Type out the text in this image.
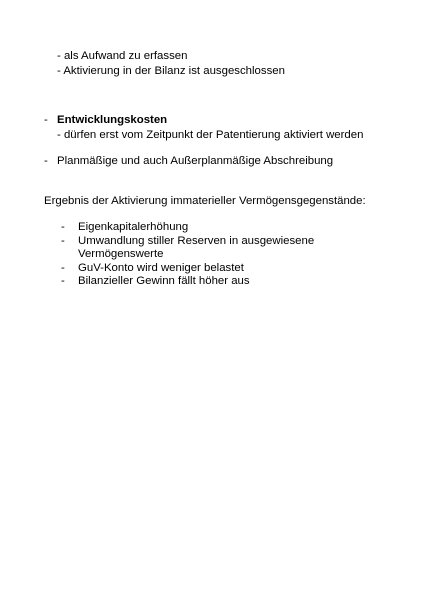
- als Aufwand zu erfassen
- Aktivierung in der Bilanz ist ausgeschlossen
- Entwicklungskosten
- dürfen erst vom Zeitpunkt der Patentierung aktiviert werden
- Planmäßige und auch Außerplanmäßige Abschreibung
Ergebnis der Aktivierung immaterieller Vermögensgegenstände:
- Eigenkapitalerhöhung
- Umwandlung stiller Reserven in ausgewiesene
Vermögenswerte
- GuV-Konto wird weniger belastet
- Bilanzieller Gewinn fällt höher aus
